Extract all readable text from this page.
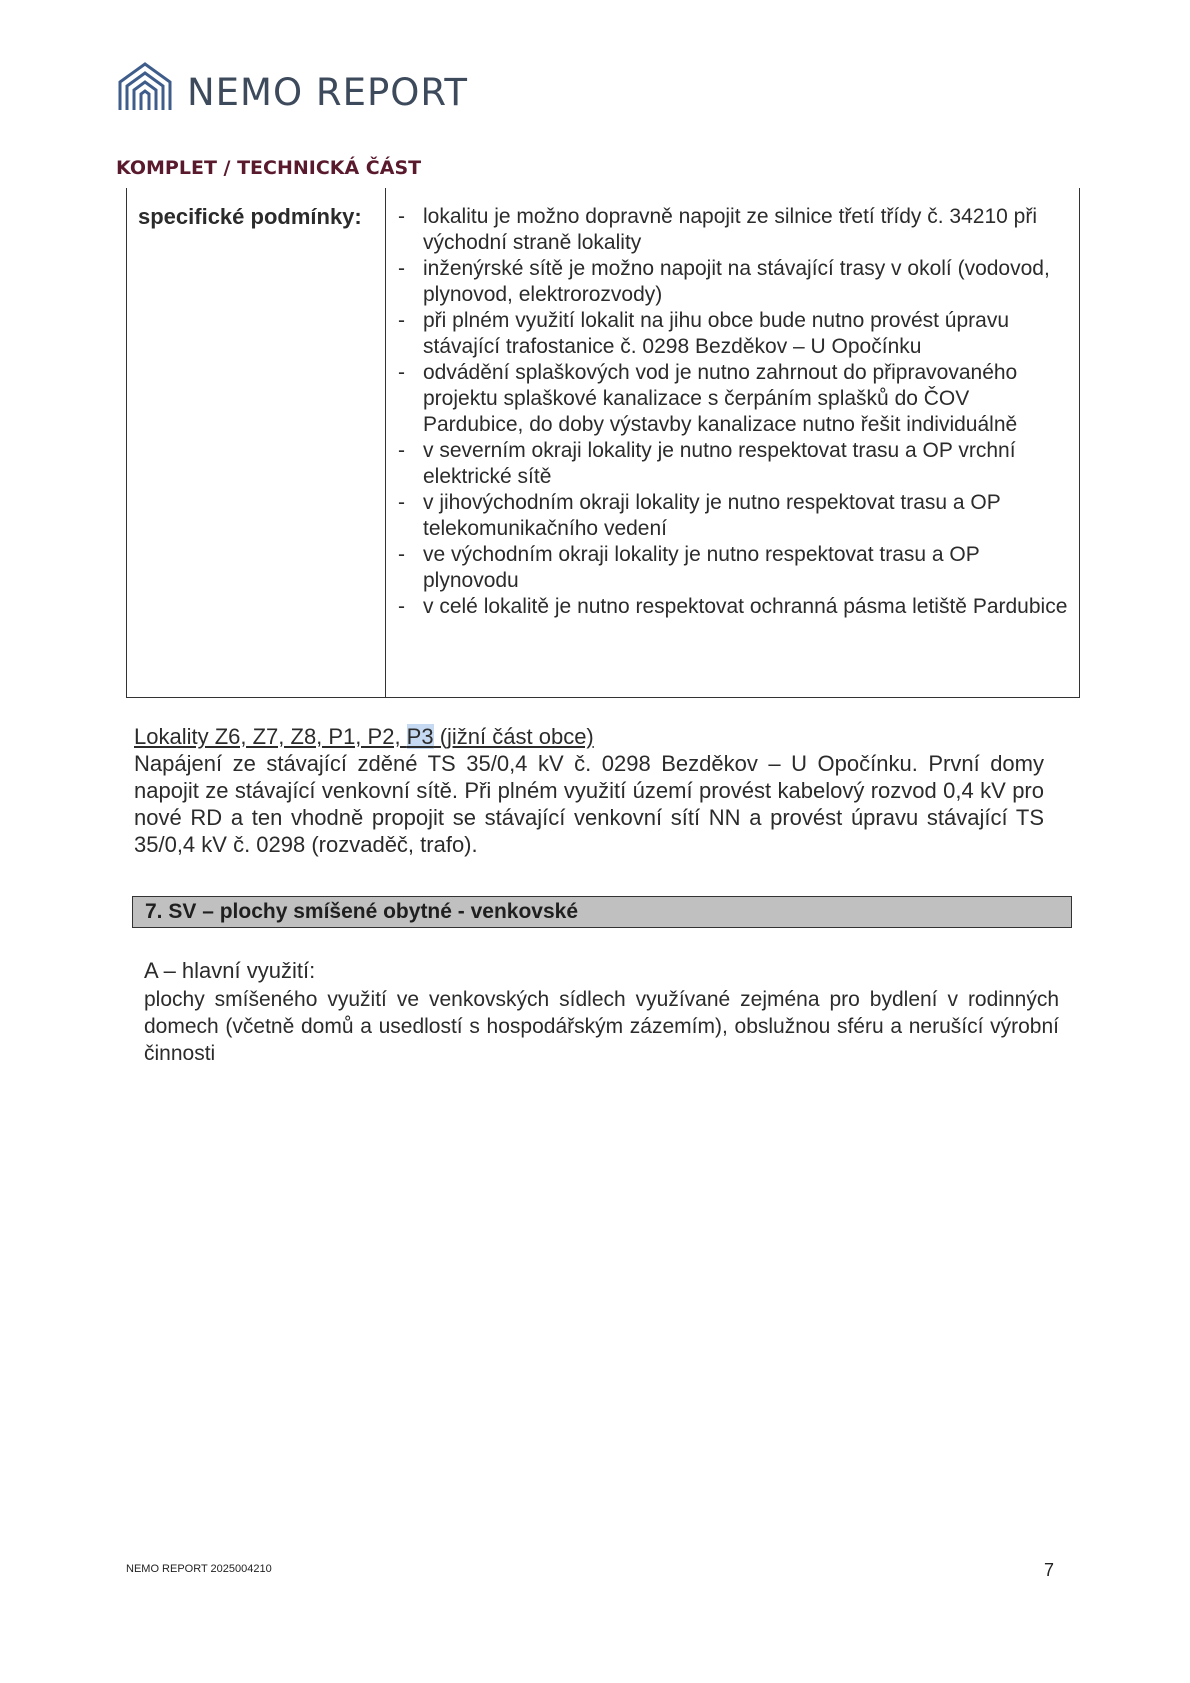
NEMO REPORT
KOMPLET / TECHNICKÁ ČÁST
specifické podmínky:	- lokalitu je možno dopravně napojit ze silnice třetí třídy č. 34210 při východní straně lokality
- inženýrské sítě je možno napojit na stávající trasy v okolí (vodovod, plynovod, elektrorozvody)
- při plném využití lokalit na jihu obce bude nutno provést úpravu stávající trafostanice č. 0298 Bezděkov – U Opočínku
- odvádění splaškových vod je nutno zahrnout do připravovaného projektu splaškové kanalizace s čerpáním splašků do ČOV Pardubice, do doby výstavby kanalizace nutno řešit individuálně
- v severním okraji lokality je nutno respektovat trasu a OP vrchní elektrické sítě
- v jihovýchodním okraji lokality je nutno respektovat trasu a OP telekomunikačního vedení
- ve východním okraji lokality je nutno respektovat trasu a OP plynovodu
- v celé lokalitě je nutno respektovat ochranná pásma letiště Pardubice
Lokality Z6, Z7, Z8, P1, P2, P3 (jižní část obce)
Napájení ze stávající zděné TS 35/0,4 kV č. 0298 Bezděkov – U Opočínku. První domy napojit ze stávající venkovní sítě. Při plném využití území provést kabelový rozvod 0,4 kV pro nové RD a ten vhodně propojit se stávající venkovní sítí NN a provést úpravu stávající TS 35/0,4 kV č. 0298 (rozvaděč, trafo).
7. SV – plochy smíšené obytné - venkovské
A – hlavní využití:
plochy smíšeného využití ve venkovských sídlech využívané zejména pro bydlení v rodinných domech (včetně domů a usedlostí s hospodářským zázemím), obslužnou sféru a nerušící výrobní činnosti
NEMO REPORT 2025004210	7
